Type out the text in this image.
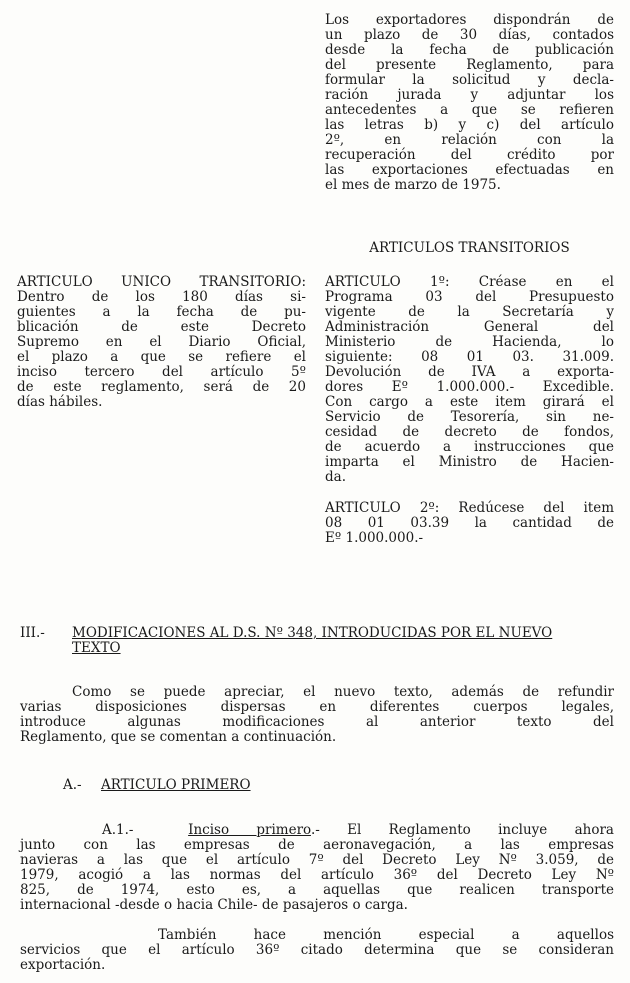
Los exportadores dispondrán de
un plazo de 30 días, contados
desde la fecha de publicación
del presente Reglamento, para
formular la solicitud y decla-
ración jurada y adjuntar los
antecedentes a que se refieren
las letras b) y c) del artículo
2º, en relación con la
recuperación del crédito por
las exportaciones efectuadas en
el mes de marzo de 1975.
ARTICULOS TRANSITORIOS
ARTICULO UNICO TRANSITORIO:
Dentro de los 180 días si-
guientes a la fecha de pu-
blicación de este Decreto
Supremo en el Diario Oficial,
el plazo a que se refiere el
inciso tercero del artículo 5º
de este reglamento, será de 20
días hábiles.
ARTICULO 1º: Créase en el
Programa 03 del Presupuesto
vigente de la Secretaría y
Administración General del
Ministerio de Hacienda, lo
siguiente: 08 01 03. 31.009.
Devolución de IVA a exporta-
dores Eº 1.000.000.- Excedible.
Con cargo a este item girará el
Servicio de Tesorería, sin ne-
cesidad de decreto de fondos,
de acuerdo a instrucciones que
imparta el Ministro de Hacien-
da.
ARTICULO 2º: Redúcese del item
08 01 03.39 la cantidad de
Eº 1.000.000.-
III.- MODIFICACIONES AL D.S. Nº 348, INTRODUCIDAS POR EL NUEVO
TEXTO
Como se puede apreciar, el nuevo texto, además de refundir
varias disposiciones dispersas en diferentes cuerpos legales,
introduce algunas modificaciones al anterior texto del
Reglamento, que se comentan a continuación.
A.- ARTICULO PRIMERO
A.1.-	Inciso primero.- El Reglamento incluye ahora
junto con las empresas de aeronavegación, a las empresas
navieras a las que el artículo 7º del Decreto Ley Nº 3.059, de
1979, acogió a las normas del artículo 36º del Decreto Ley Nº
825, de 1974, esto es, a aquellas que realicen transporte
internacional -desde o hacia Chile- de pasajeros o carga.
También hace mención especial a aquellos
servicios que el artículo 36º citado determina que se consideran
exportación.
